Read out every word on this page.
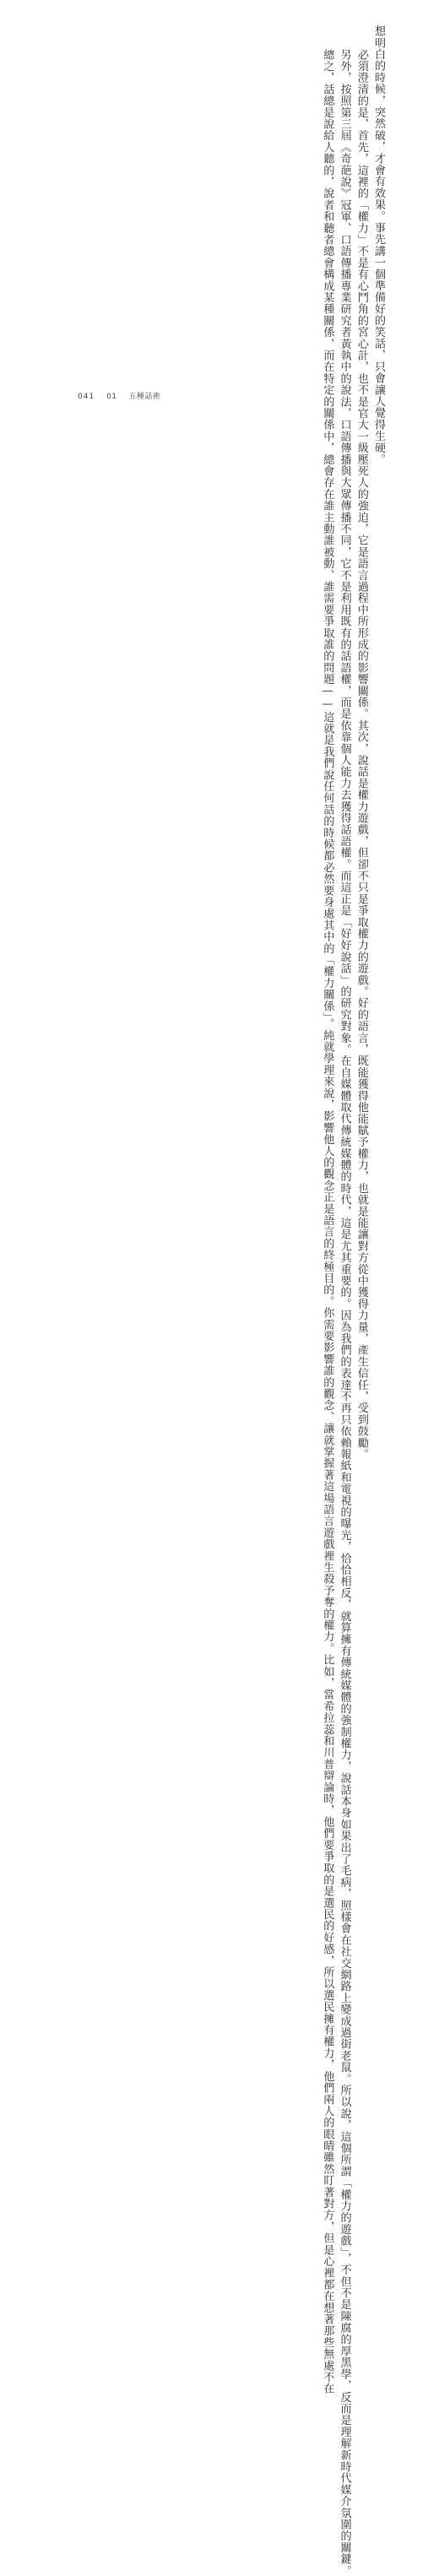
想明白的時候，突然破，才會有效果。事先講一個準備好的笑話，只會讓人覺得生硬。

必須澄清的是，首先，這裡的「權力」不是有心鬥角的宮心計，也不是官大一級壓死人的強迫，它是語言過程中所形成的影響關係。其次，說話是權力遊戲，但卻不只是爭取權力的遊戲。好的語言，既能獲得他能賦予權力，也就是能讓對方從中獲得力量，產生信任，受到鼓勵。

另外，按照第三屆《奇葩說》冠軍、口語傳播專業研究者黃執中的說法，口語傳播與大眾傳播不同，它不是利用既有的話語權，而是依靠個人能力去獲得話語權。而這正是「好好說話」的研究對象。在自媒體取代傳統媒體的時代，這是尤其重要的。因為我們的表達不再只依賴報紙和電視的曝光，恰恰相反，就算擁有傳統媒體的強制權力，說話本身如果出了毛病，照樣會在社交網路上變成過街老鼠。所以說，這個所謂「權力的遊戲」，不但不是陳腐的厚黑學，反而是理解新時代媒介氛圍的關鍵。

總之，話總是說給人聽的，說者和聽者總會構成某種關係，而在特定的關係中，總會存在誰主動誰被動、誰需要爭取誰的問題——這就是我們說任何話的時候都必然要身處其中的「權力關係」。純就學理來說，影響他人的觀念正是語言的終極目的。你需要影響誰的觀念、讓就掌握著這場語言遊戲裡生殺予奪的權力。比如，當希拉蕊和川普辯論時，他們要爭取的是選民的好感，所以選民擁有權力，他們兩人的眼睛雖然盯著對方，但是心裡都在想著那些無處不在

041 01 五種話術
